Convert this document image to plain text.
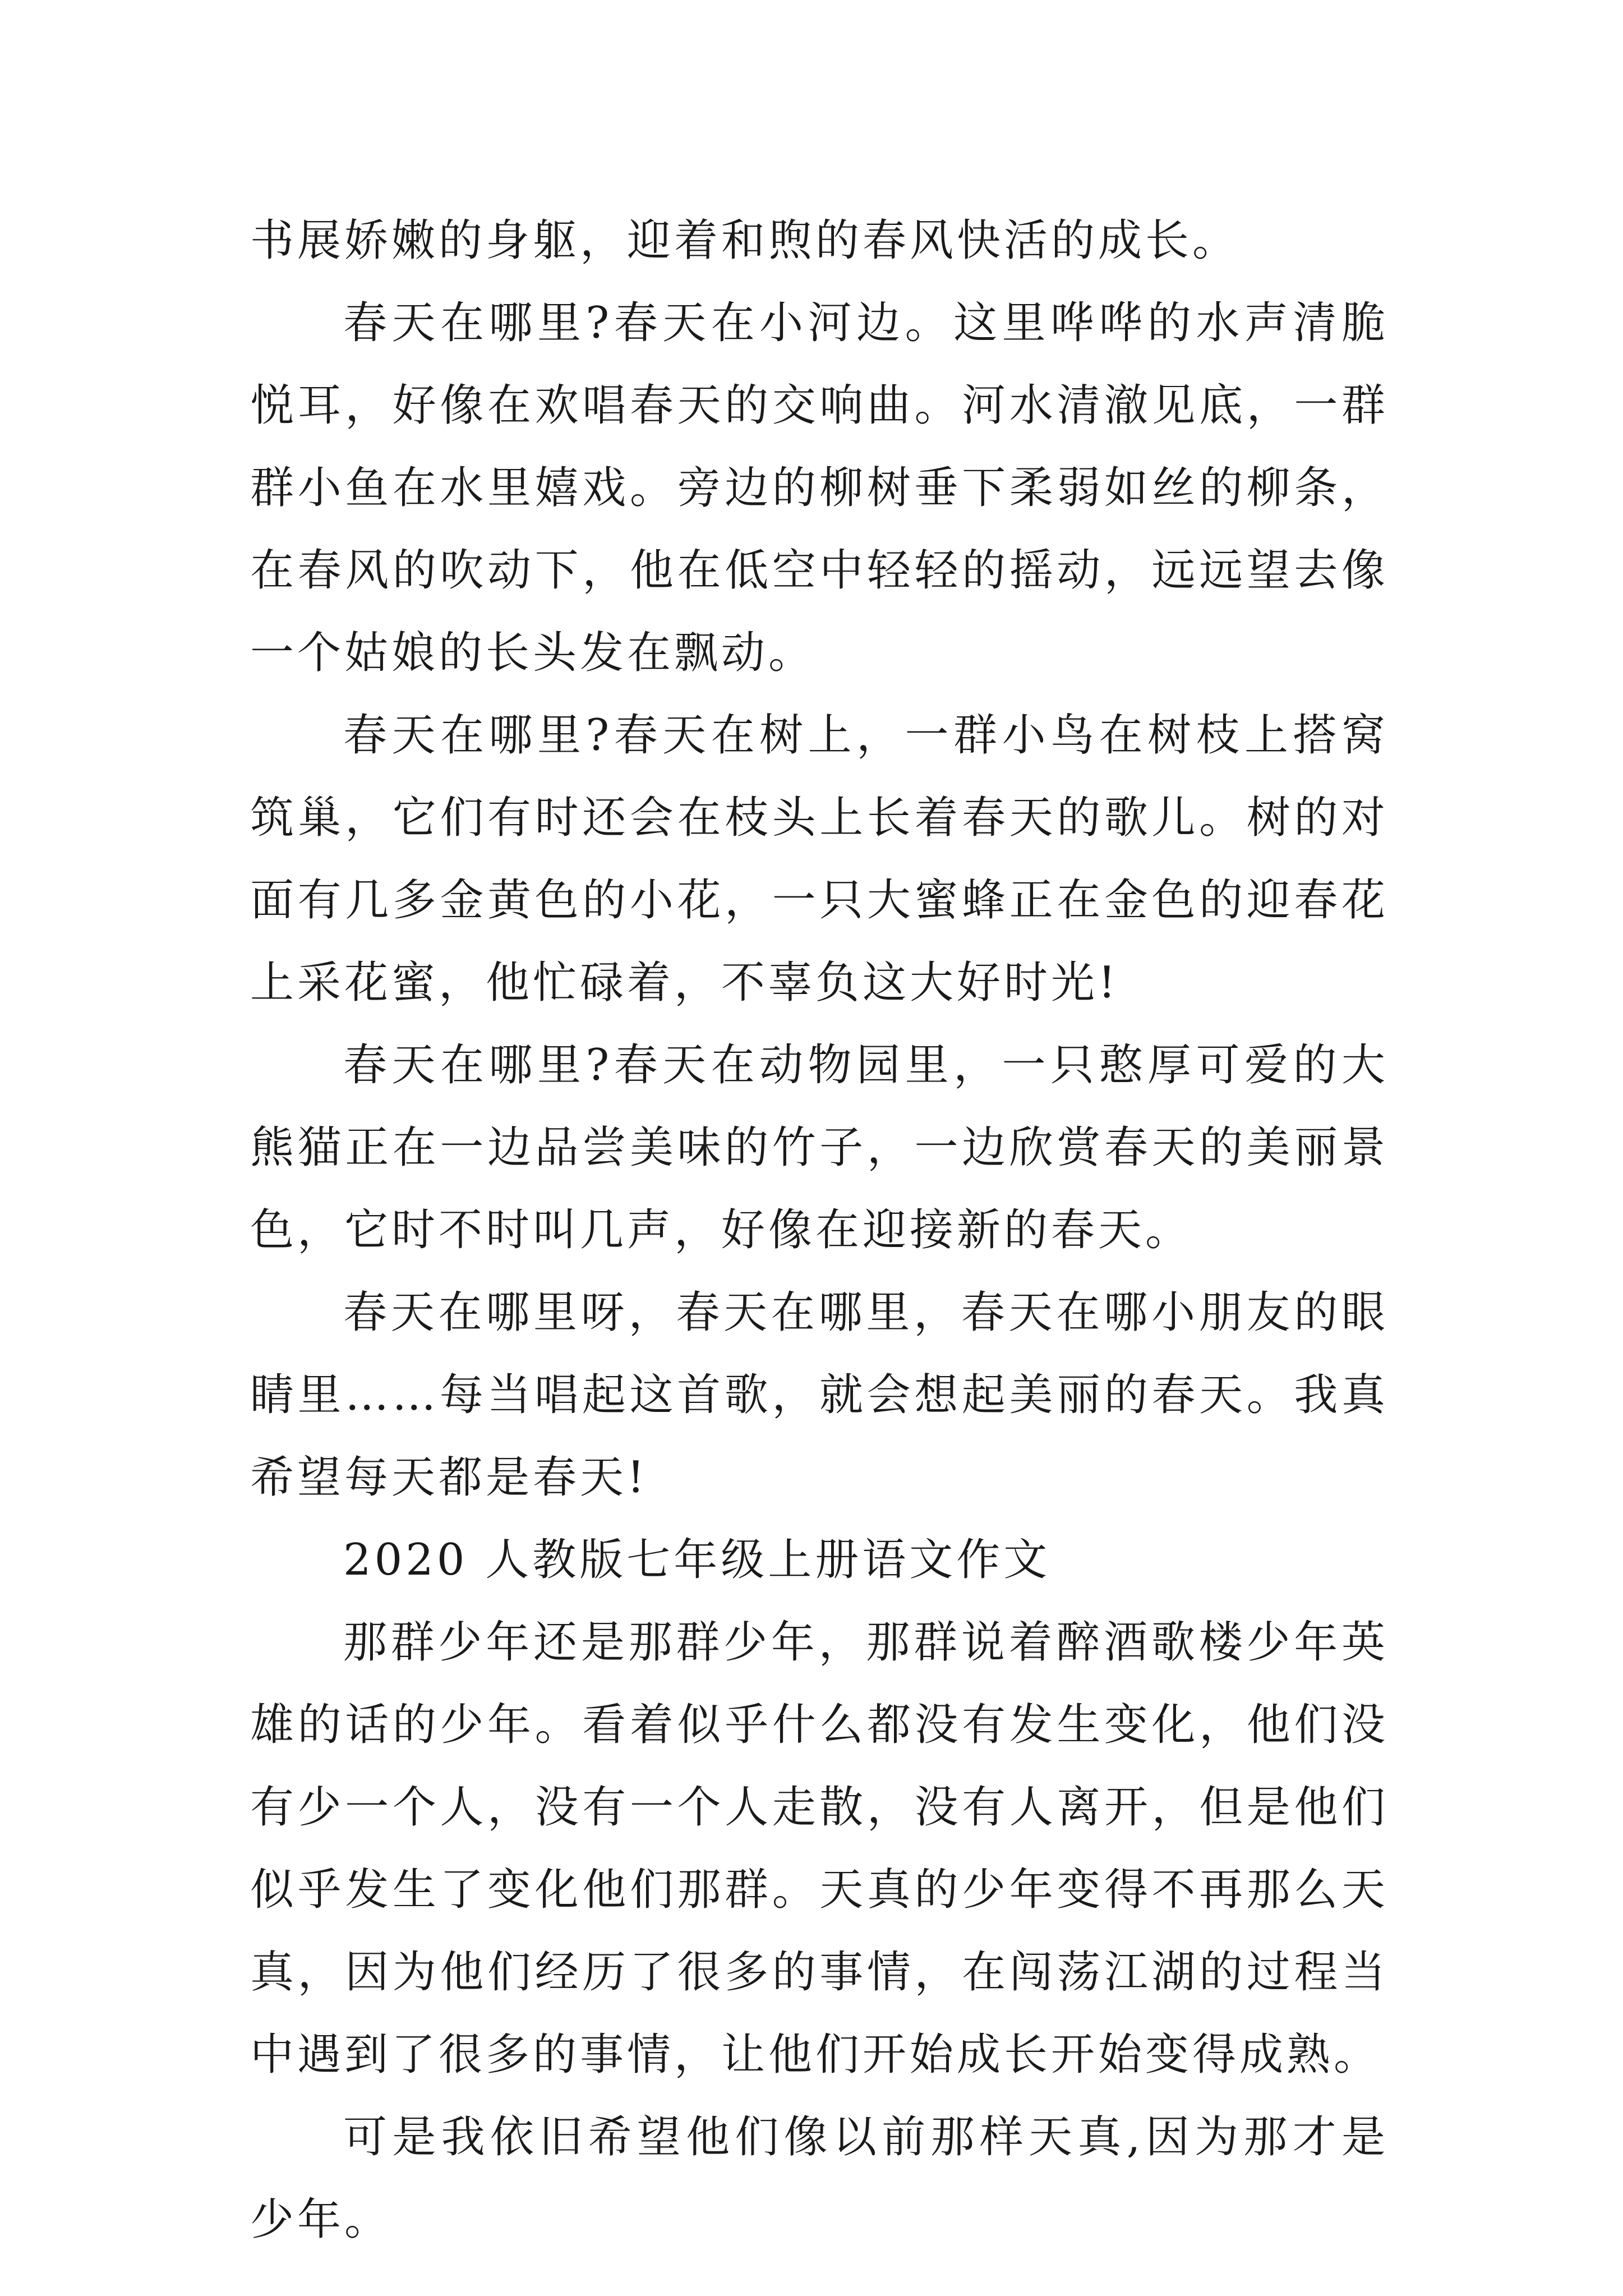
书展娇嫩的身躯，迎着和煦的春风快活的成长。

春天在哪里?春天在小河边。这里哗哗的水声清脆悦耳，好像在欢唱春天的交响曲。河水清澈见底，一群群小鱼在水里嬉戏。旁边的柳树垂下柔弱如丝的柳条，在春风的吹动下，他在低空中轻轻的摇动，远远望去像一个姑娘的长头发在飘动。

春天在哪里?春天在树上，一群小鸟在树枝上搭窝筑巢，它们有时还会在枝头上长着春天的歌儿。树的对面有几多金黄色的小花，一只大蜜蜂正在金色的迎春花上采花蜜，他忙碌着，不辜负这大好时光!

春天在哪里?春天在动物园里，一只憨厚可爱的大熊猫正在一边品尝美味的竹子，一边欣赏春天的美丽景色，它时不时叫几声，好像在迎接新的春天。

春天在哪里呀，春天在哪里，春天在哪小朋友的眼睛里……每当唱起这首歌，就会想起美丽的春天。我真希望每天都是春天!

2020 人教版七年级上册语文作文

那群少年还是那群少年，那群说着醉酒歌楼少年英雄的话的少年。看着似乎什么都没有发生变化，他们没有少一个人，没有一个人走散，没有人离开，但是他们似乎发生了变化他们那群。天真的少年变得不再那么天真，因为他们经历了很多的事情，在闯荡江湖的过程当中遇到了很多的事情，让他们开始成长开始变得成熟。

可是我依旧希望他们像以前那样天真,因为那才是少年。
